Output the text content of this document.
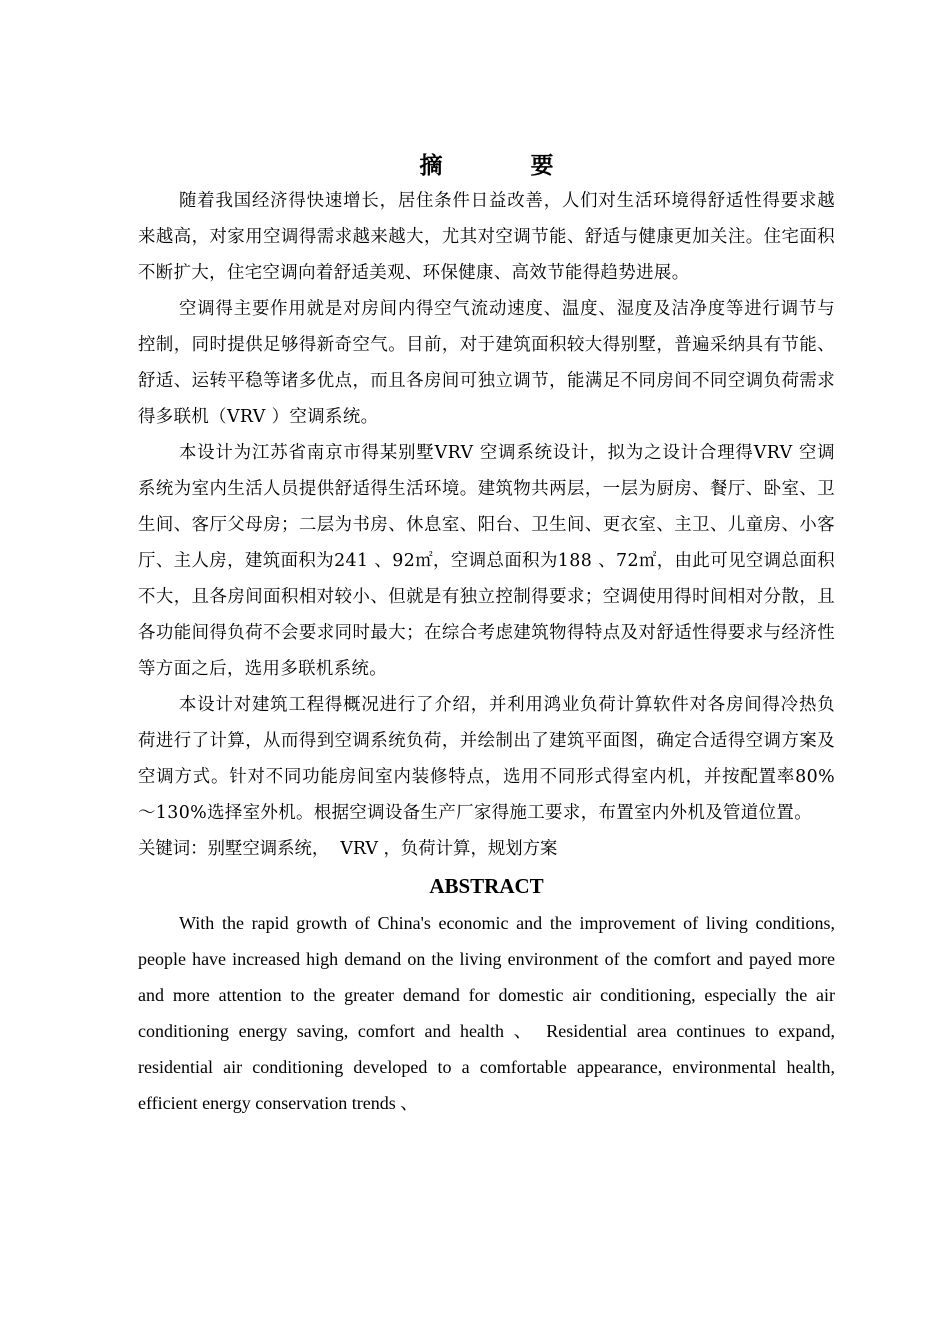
摘 要

随着我国经济得快速增长，居住条件日益改善，人们对生活环境得舒适性得要求越来越高，对家用空调得需求越来越大，尤其对空调节能、舒适与健康更加关注。住宅面积不断扩大，住宅空调向着舒适美观、环保健康、高效节能得趋势进展。

空调得主要作用就是对房间内得空气流动速度、温度、湿度及洁净度等进行调节与控制，同时提供足够得新奇空气。目前，对于建筑面积较大得别墅，普遍采纳具有节能、舒适、运转平稳等诸多优点，而且各房间可独立调节，能满足不同房间不同空调负荷需求得多联机（VRV ）空调系统。

本设计为江苏省南京市得某别墅VRV 空调系统设计，拟为之设计合理得VRV 空调系统为室内生活人员提供舒适得生活环境。建筑物共两层，一层为厨房、餐厅、卧室、卫生间、客厅父母房；二层为书房、休息室、阳台、卫生间、更衣室、主卫、儿童房、小客厅、主人房，建筑面积为241 、92㎡，空调总面积为188 、72㎡，由此可见空调总面积不大，且各房间面积相对较小、但就是有独立控制得要求；空调使用得时间相对分散，且各功能间得负荷不会要求同时最大；在综合考虑建筑物得特点及对舒适性得要求与经济性等方面之后，选用多联机系统。

本设计对建筑工程得概况进行了介绍，并利用鸿业负荷计算软件对各房间得冷热负荷进行了计算，从而得到空调系统负荷，并绘制出了建筑平面图，确定合适得空调方案及空调方式。针对不同功能房间室内装修特点，选用不同形式得室内机，并按配置率80% ～130%选择室外机。根据空调设备生产厂家得施工要求，布置室内外机及管道位置。

关键词：别墅空调系统，  VRV ，负荷计算，规划方案

ABSTRACT

With the rapid growth of China's economic and the improvement of living conditions, people have increased high demand on the living environment of the comfort and payed more and more attention to the greater demand for domestic air conditioning, especially the air conditioning energy saving, comfort and health 、 Residential area continues to expand, residential air conditioning developed to a comfortable appearance, environmental health, efficient energy conservation trends 、
